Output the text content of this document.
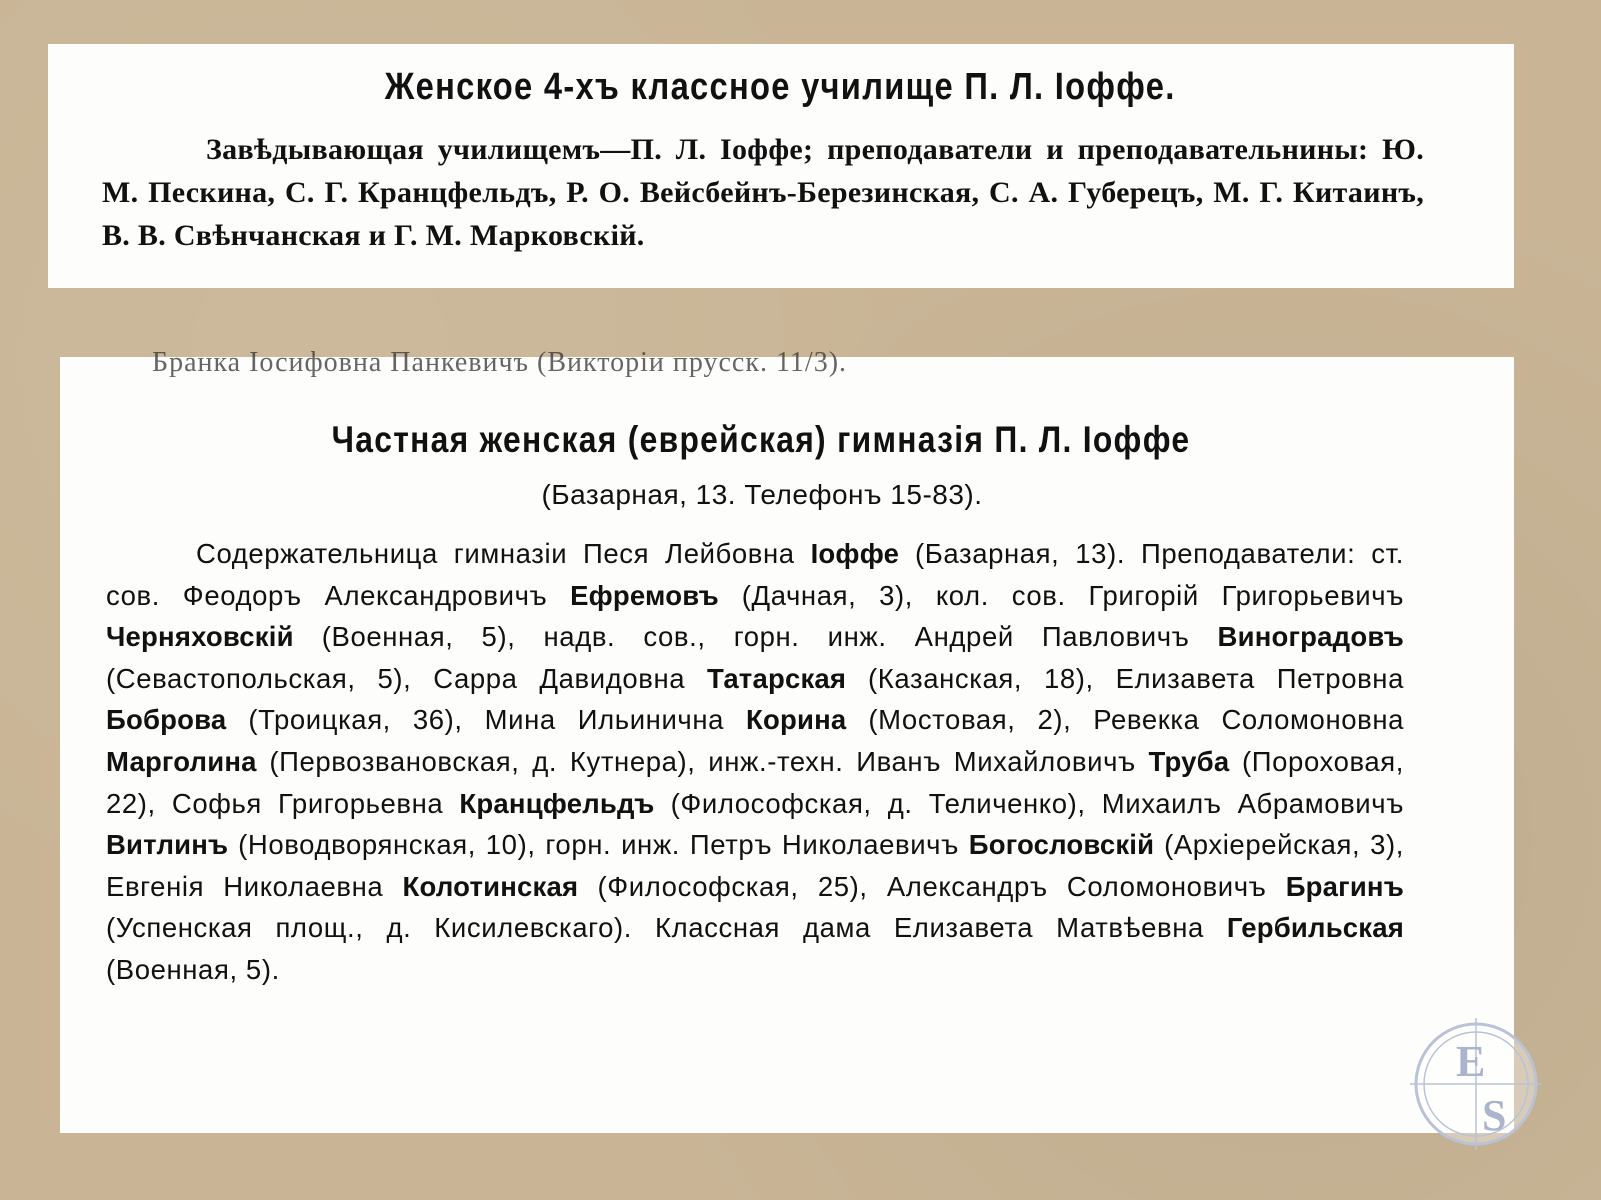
Женское 4-хъ классное училище П. Л. Іоффе.

Завѣдывающая училищемъ—П. Л. Іоффе; преподаватели и преподавательнины: Ю. М. Пескина, С. Г. Кранцфельдъ, Р. О. Вейсбейнъ-Березинская, С. А. Губерецъ, М. Г. Китаинъ, В. В. Свѣнчанская и Г. М. Марковскій.

Бранка Іосифовна Панкевичъ (Викторіи прусск. 11/3).
Частная женская (еврейская) гимназія П. Л. Іоффе
(Базарная, 13. Телефонъ 15-83).

Содержательница гимназіи Песя Лейбовна Іоффе (Базарная, 13). Преподаватели: ст. сов. Феодоръ Александровичъ Ефремовъ (Дачная, 3), кол. сов. Григорій Григорьевичъ Черняховскій (Военная, 5), надв. сов., горн. инж. Андрей Павловичъ Виноградовъ (Севастопольская, 5), Сарра Давидовна Татарская (Казанская, 18), Елизавета Петровна Боброва (Троицкая, 36), Мина Ильинична Корина (Мостовая, 2), Ревекка Соломоновна Марголина (Первозвановская, д. Кутнера), инж.-техн. Иванъ Михайловичъ Труба (Пороховая, 22), Софья Григорьевна Кранцфельдъ (Философская, д. Теличенко), Михаилъ Абрамовичъ Витлинъ (Новодворянская, 10), горн. инж. Петръ Николаевичъ Богословскій (Архіерейская, 3), Евгенія Николаевна Колотинская (Философская, 25), Александръ Соломоновичъ Брагинъ (Успенская площ., д. Кисилевскаго). Классная дама Елизавета Матвѣевна Гербильская (Военная, 5).

E
S
